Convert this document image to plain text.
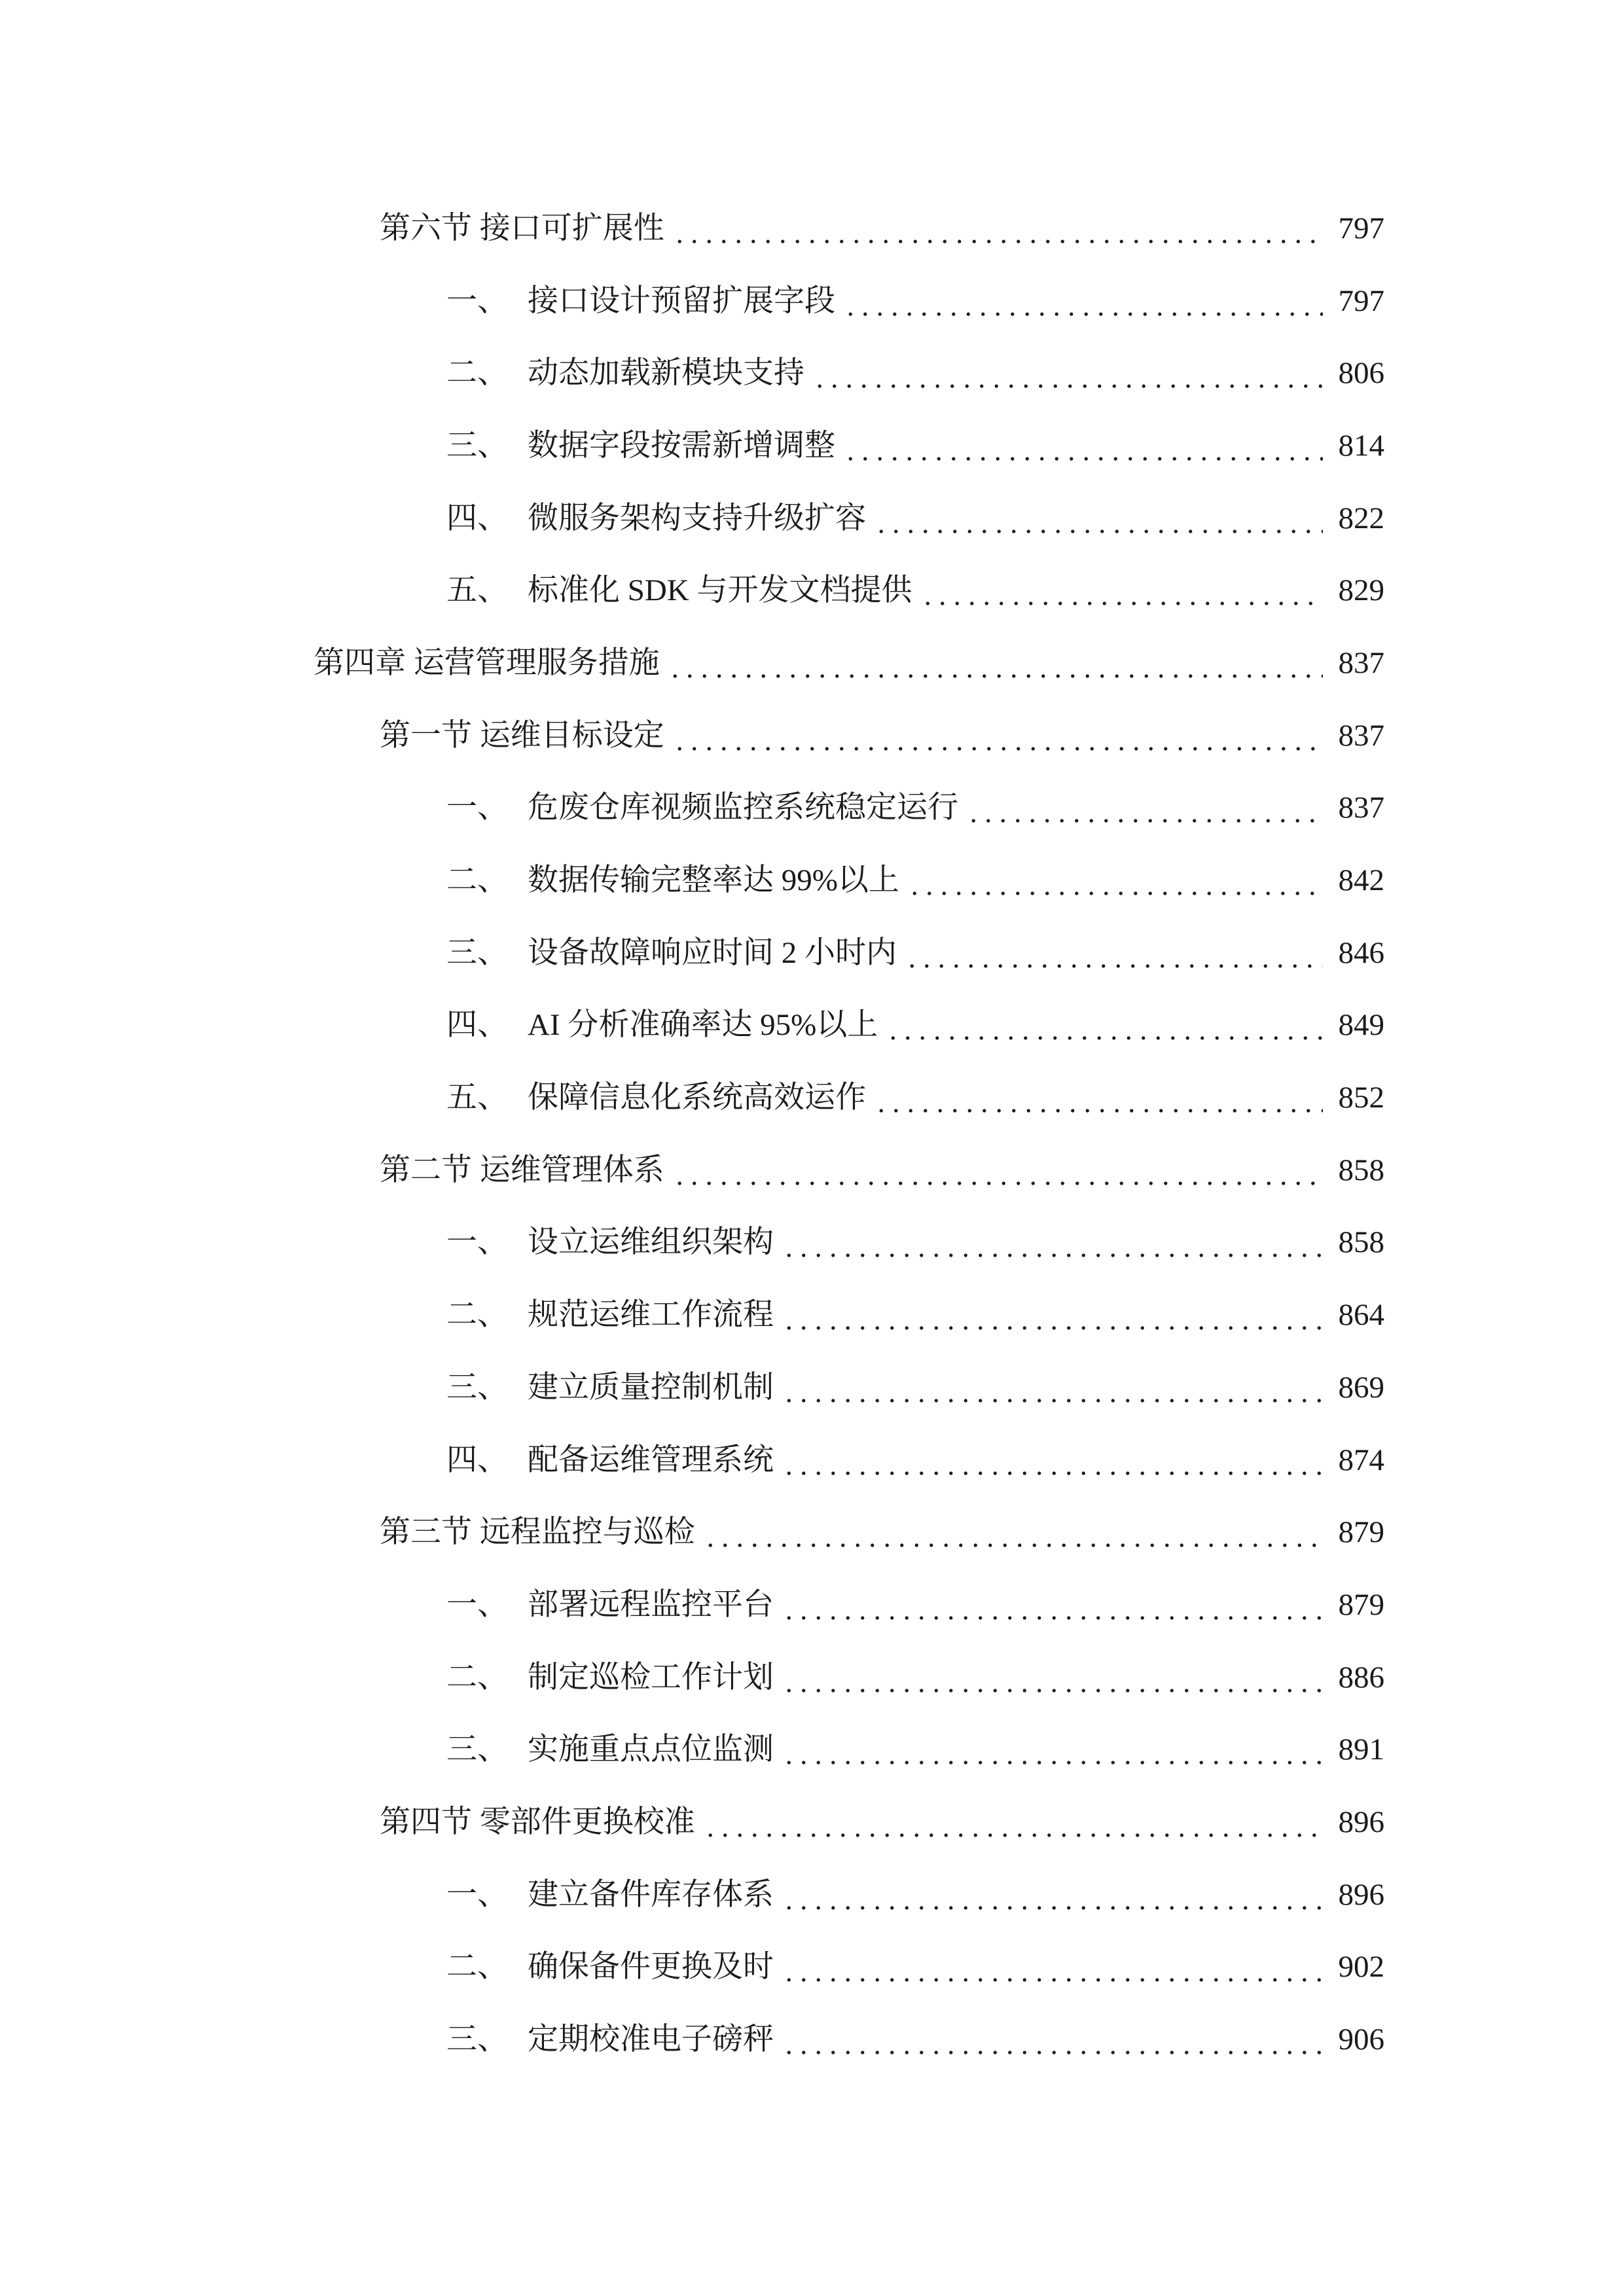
第六节 接口可扩展性	797
一、 接口设计预留扩展字段	797
二、 动态加载新模块支持	806
三、 数据字段按需新增调整	814
四、 微服务架构支持升级扩容	822
五、 标准化 SDK 与开发文档提供	829
第四章 运营管理服务措施	837
第一节 运维目标设定	837
一、 危废仓库视频监控系统稳定运行	837
二、 数据传输完整率达 99%以上	842
三、 设备故障响应时间 2 小时内	846
四、 AI 分析准确率达 95%以上	849
五、 保障信息化系统高效运作	852
第二节 运维管理体系	858
一、 设立运维组织架构	858
二、 规范运维工作流程	864
三、 建立质量控制机制	869
四、 配备运维管理系统	874
第三节 远程监控与巡检	879
一、 部署远程监控平台	879
二、 制定巡检工作计划	886
三、 实施重点点位监测	891
第四节 零部件更换校准	896
一、 建立备件库存体系	896
二、 确保备件更换及时	902
三、 定期校准电子磅秤	906
